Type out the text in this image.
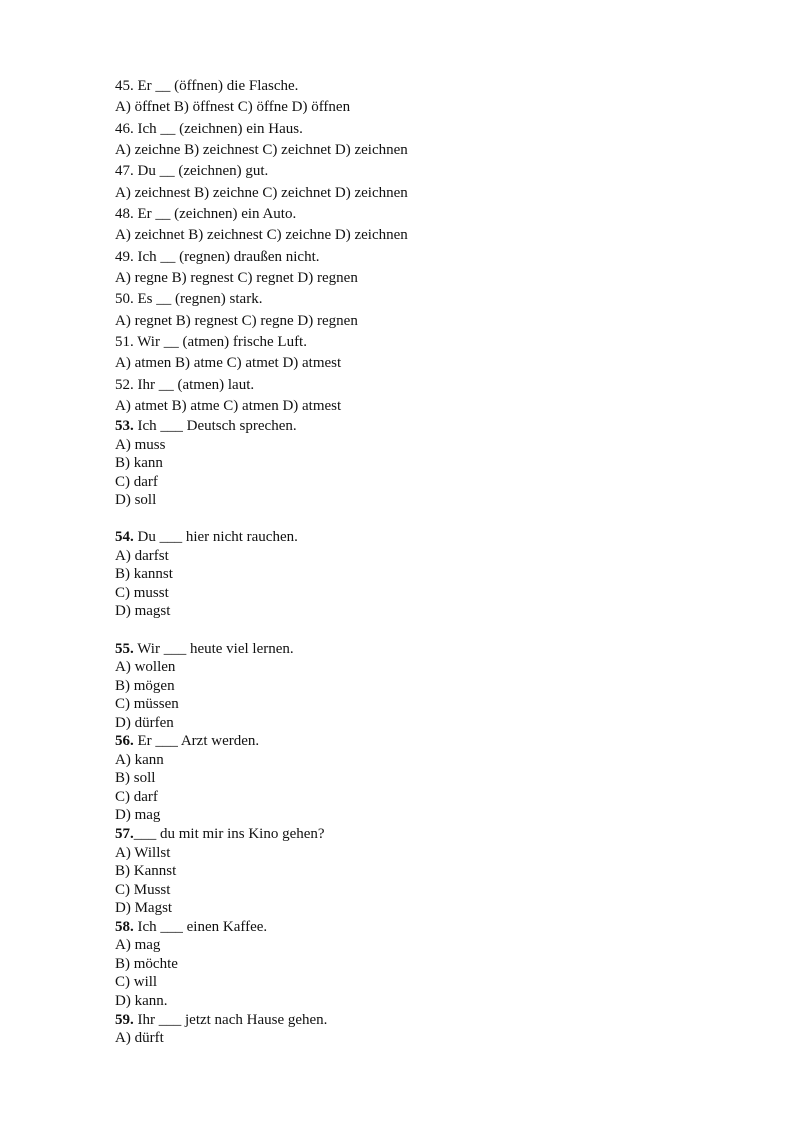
45. Er __ (öffnen) die Flasche.
A) öffnet B) öffnest C) öffne D) öffnen
46. Ich __ (zeichnen) ein Haus.
A) zeichne B) zeichnest C) zeichnet D) zeichnen
47. Du __ (zeichnen) gut.
A) zeichnest B) zeichne C) zeichnet D) zeichnen
48. Er __ (zeichnen) ein Auto.
A) zeichnet B) zeichnest C) zeichne D) zeichnen
49. Ich __ (regnen) draußen nicht.
A) regne B) regnest C) regnet D) regnen
50. Es __ (regnen) stark.
A) regnet B) regnest C) regne D) regnen
51. Wir __ (atmen) frische Luft.
A) atmen B) atme C) atmet D) atmest
52. Ihr __ (atmen) laut.
A) atmet B) atme C) atmen D) atmest
53. Ich ___ Deutsch sprechen.
A) muss
B) kann
C) darf
D) soll
54. Du ___ hier nicht rauchen.
A) darfst
B) kannst
C) musst
D) magst
55. Wir ___ heute viel lernen.
A) wollen
B) mögen
C) müssen
D) dürfen
56. Er ___ Arzt werden.
A) kann
B) soll
C) darf
D) mag
57.___ du mit mir ins Kino gehen?
A) Willst
B) Kannst
C) Musst
D) Magst
58. Ich ___ einen Kaffee.
A) mag
B) möchte
C) will
D) kann.
59. Ihr ___ jetzt nach Hause gehen.
A) dürft
